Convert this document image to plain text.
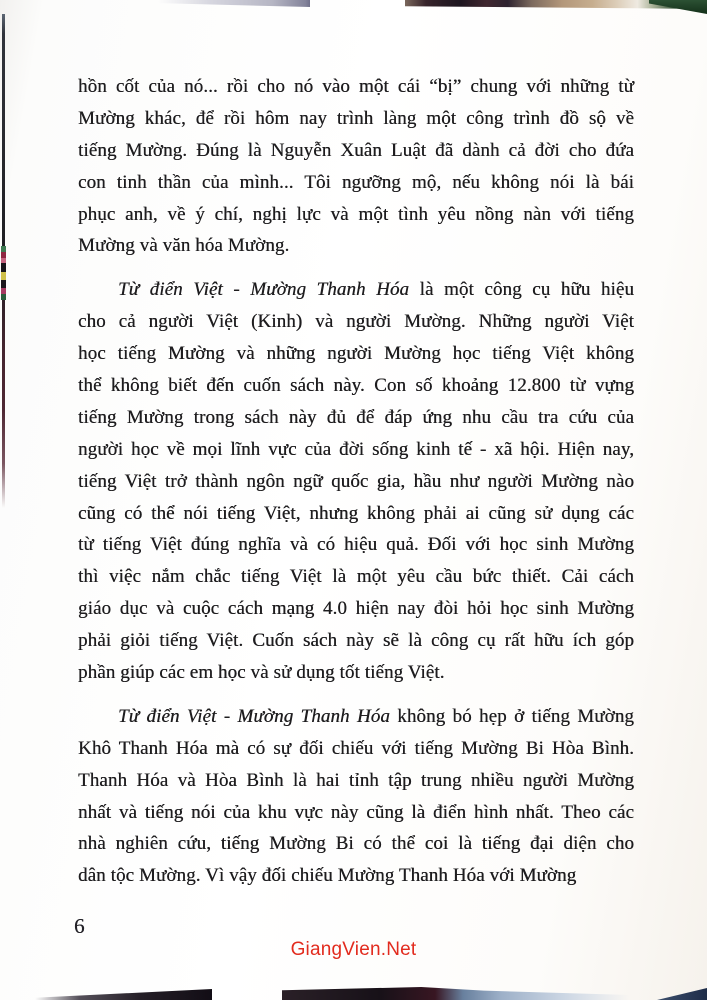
hồn cốt của nó... rồi cho nó vào một cái “bị” chung với những từ
Mường khác, để rồi hôm nay trình làng một công trình đồ sộ về
tiếng Mường. Đúng là Nguyễn Xuân Luật đã dành cả đời cho đứa
con tinh thần của mình... Tôi ngưỡng mộ, nếu không nói là bái
phục anh, về ý chí, nghị lực và một tình yêu nồng nàn với tiếng
Mường và văn hóa Mường.
Từ điển Việt - Mường Thanh Hóa là một công cụ hữu hiệu
cho cả người Việt (Kinh) và người Mường. Những người Việt
học tiếng Mường và những người Mường học tiếng Việt không
thể không biết đến cuốn sách này. Con số khoảng 12.800 từ vựng
tiếng Mường trong sách này đủ để đáp ứng nhu cầu tra cứu của
người học về mọi lĩnh vực của đời sống kinh tế - xã hội. Hiện nay,
tiếng Việt trở thành ngôn ngữ quốc gia, hầu như người Mường nào
cũng có thể nói tiếng Việt, nhưng không phải ai cũng sử dụng các
từ tiếng Việt đúng nghĩa và có hiệu quả. Đối với học sinh Mường
thì việc nắm chắc tiếng Việt là một yêu cầu bức thiết. Cải cách
giáo dục và cuộc cách mạng 4.0 hiện nay đòi hỏi học sinh Mường
phải giỏi tiếng Việt. Cuốn sách này sẽ là công cụ rất hữu ích góp
phần giúp các em học và sử dụng tốt tiếng Việt.
Từ điển Việt - Mường Thanh Hóa không bó hẹp ở tiếng Mường
Khô Thanh Hóa mà có sự đối chiếu với tiếng Mường Bi Hòa Bình.
Thanh Hóa và Hòa Bình là hai tỉnh tập trung nhiều người Mường
nhất và tiếng nói của khu vực này cũng là điển hình nhất. Theo các
nhà nghiên cứu, tiếng Mường Bi có thể coi là tiếng đại diện cho
dân tộc Mường. Vì vậy đối chiếu Mường Thanh Hóa với Mường
6
GiangVien.Net
